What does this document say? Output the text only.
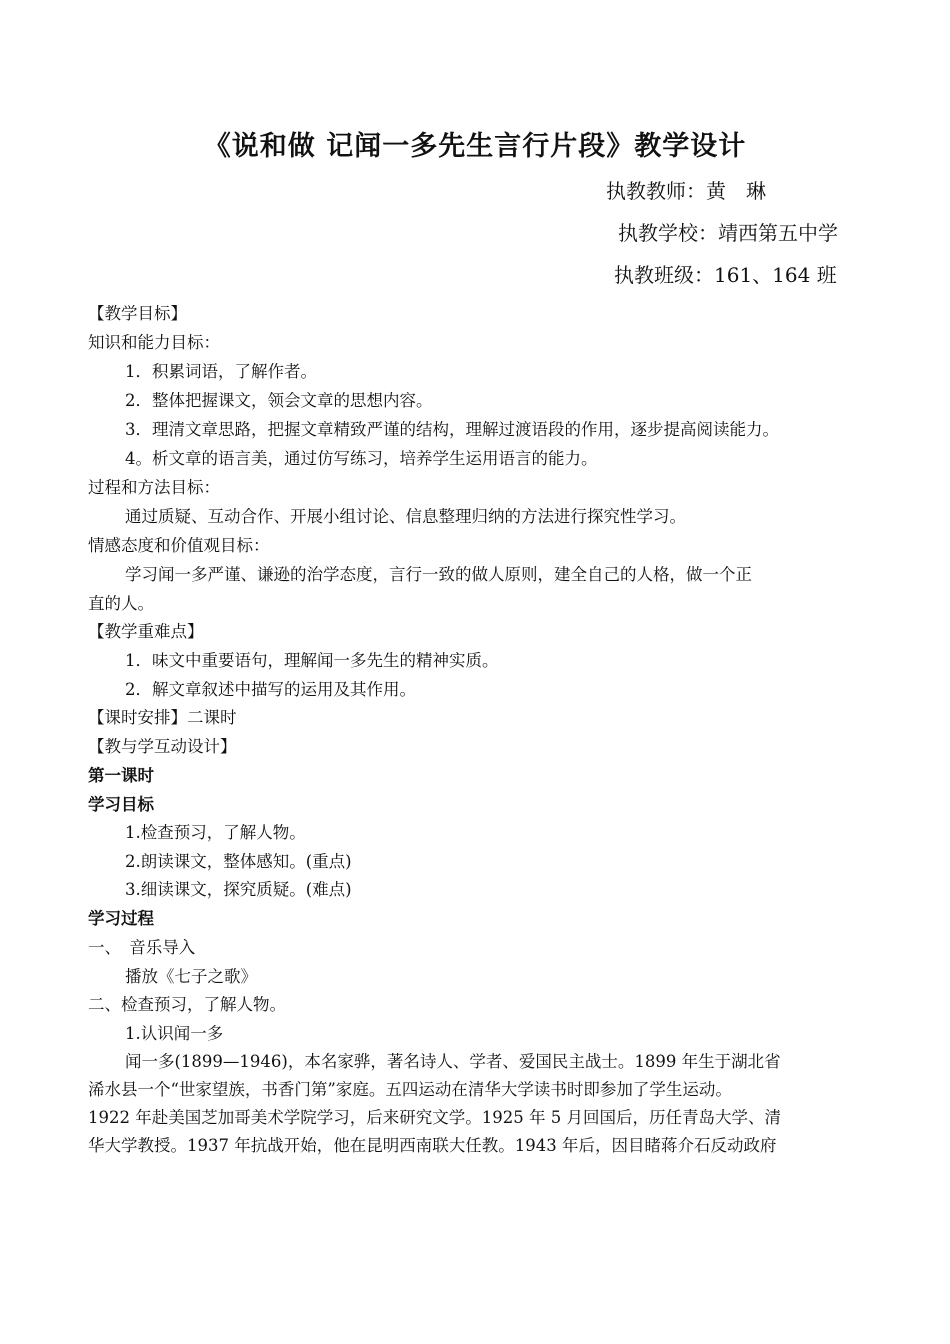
《说和做 记闻一多先生言行片段》教学设计
执教教师：黄　琳
执教学校：靖西第五中学
执教班级：161、164 班
【教学目标】
知识和能力目标：
1．积累词语，了解作者。
2．整体把握课文，领会文章的思想内容。
3．理清文章思路，把握文章精致严谨的结构，理解过渡语段的作用，逐步提高阅读能力。
4。析文章的语言美，通过仿写练习，培养学生运用语言的能力。
过程和方法目标：
通过质疑、互动合作、开展小组讨论、信息整理归纳的方法进行探究性学习。
情感态度和价值观目标：
学习闻一多严谨、谦逊的治学态度，言行一致的做人原则，建全自己的人格，做一个正
直的人。
【教学重难点】
1．味文中重要语句，理解闻一多先生的精神实质。
2．解文章叙述中描写的运用及其作用。
【课时安排】二课时
【教与学互动设计】
第一课时
学习目标
1.检查预习，了解人物。
2.朗读课文，整体感知。(重点)
3.细读课文，探究质疑。(难点)
学习过程
一、　音乐导入
播放《七子之歌》
二、检查预习，了解人物。
1.认识闻一多
闻一多(1899—1946)，本名家骅，著名诗人、学者、爱国民主战士。1899 年生于湖北省
浠水县一个“世家望族，书香门第”家庭。五四运动在清华大学读书时即参加了学生运动。
1922 年赴美国芝加哥美术学院学习，后来研究文学。1925 年 5 月回国后，历任青岛大学、清
华大学教授。1937 年抗战开始，他在昆明西南联大任教。1943 年后，因目睹蒋介石反动政府
